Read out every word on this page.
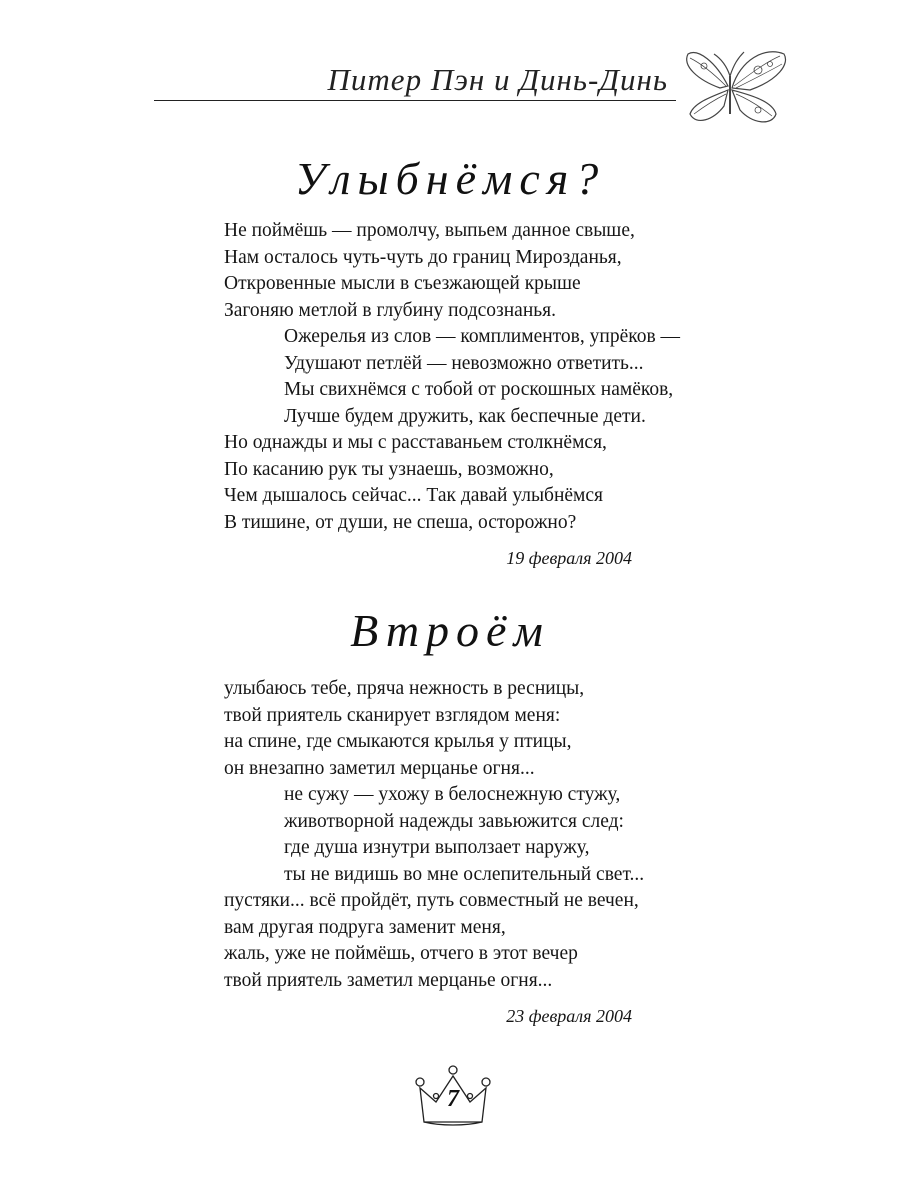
Питер Пэн и Динь-Динь
Улыбнёмся?
Не поймёшь — промолчу, выпьем данное свыше,
Нам осталось чуть-чуть до границ Мирозданья,
Откровенные мысли в съезжающей крыше
Загоняю метлой в глубину подсознанья.
Ожерелья из слов — комплиментов, упрёков —
Удушают петлёй — невозможно ответить...
Мы свихнёмся с тобой от роскошных намёков,
Лучше будем дружить, как беспечные дети.
Но однажды и мы с расставаньем столкнёмся,
По касанию рук ты узнаешь, возможно,
Чем дышалось сейчас... Так давай улыбнёмся
В тишине, от души, не спеша, осторожно?
19 февраля 2004
Втроём
улыбаюсь тебе, пряча нежность в ресницы,
твой приятель сканирует взглядом меня:
на спине, где смыкаются крылья у птицы,
он внезапно заметил мерцанье огня...
не сужу — ухожу в белоснежную стужу,
животворной надежды завьюжится след:
где душа изнутри выползает наружу,
ты не видишь во мне ослепительный свет...
пустяки... всё пройдёт, путь совместный не вечен,
вам другая подруга заменит меня,
жаль, уже не поймёшь, отчего в этот вечер
твой приятель заметил мерцанье огня...
23 февраля 2004
7
